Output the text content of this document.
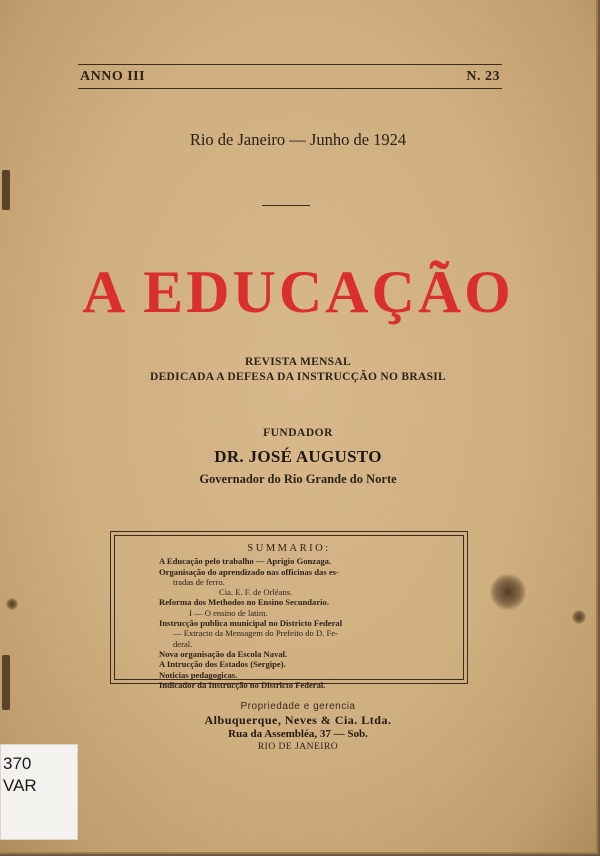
ANNO III	N. 23
Rio de Janeiro — Junho de 1924
A EDUCAÇÃO
REVISTA MENSAL
DEDICADA A DEFESA DA INSTRUCÇÃO NO BRASIL
FUNDADOR
DR. JOSÉ AUGUSTO
Governador do Rio Grande do Norte
SUMMARIO:
A Educação pelo trabalho — Aprigio Gonzaga.
Organisação do aprendizado nas officinas das es-
tradas de ferro.
Cia. E. F. de Orléans.
Reforma dos Methodos no Ensino Secundario.
I — O ensino de latim.
Instrucção publica municipal no Districto Federal
— Extracto da Mensagem do Prefeito do D. Fe-
deral.
Nova organisação da Escola Naval.
A Intrucção dos Estados (Sergipe).
Noticias pedagogicas.
Indicador da Instrucção no Districto Federal.
Propriedade e gerencia
Albuquerque, Neves & Cia. Ltda.
Rua da Assembléa, 37 — Sob.
RIO DE JANEIRO
370
VAR
